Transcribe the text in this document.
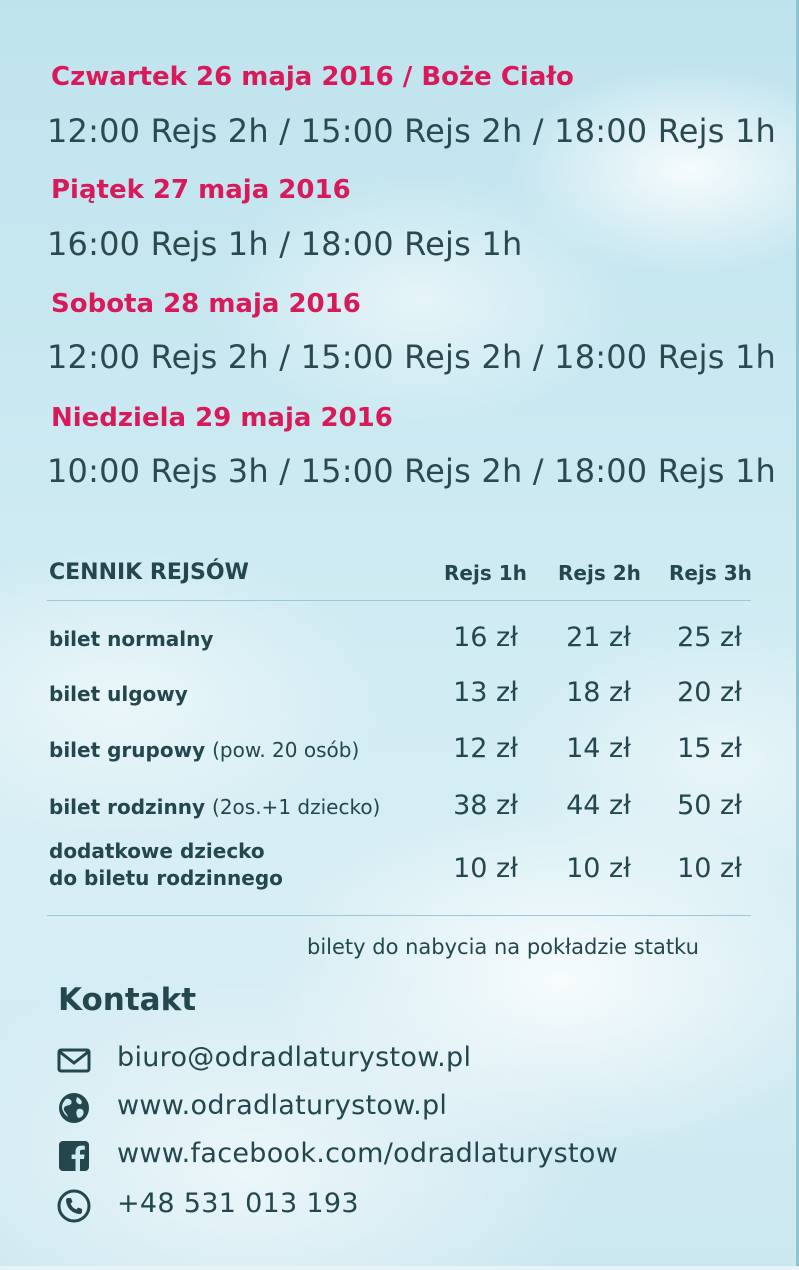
Czwartek 26 maja 2016 / Boże Ciało
12:00 Rejs 2h / 15:00 Rejs 2h / 18:00 Rejs 1h
Piątek 27 maja 2016
16:00 Rejs 1h / 18:00 Rejs 1h
Sobota 28 maja 2016
12:00 Rejs 2h / 15:00 Rejs 2h / 18:00 Rejs 1h
Niedziela 29 maja 2016
10:00 Rejs 3h / 15:00 Rejs 2h / 18:00 Rejs 1h
CENNIK REJSÓW	Rejs 1h Rejs 2h Rejs 3h
bilet normalny	16 zł	21 zł	25 zł
bilet ulgowy	13 zł	18 zł	20 zł
bilet grupowy (pow. 20 osób)	12 zł	14 zł	15 zł
bilet rodzinny (2os.+1 dziecko)	38 zł	44 zł	50 zł
dodatkowe dziecko
do biletu rodzinnego	10 zł	10 zł	10 zł
bilety do nabycia na pokładzie statku
Kontakt
biuro@odradlaturystow.pl
www.odradlaturystow.pl
www.facebook.com/odradlaturystow
+48 531 013 193
